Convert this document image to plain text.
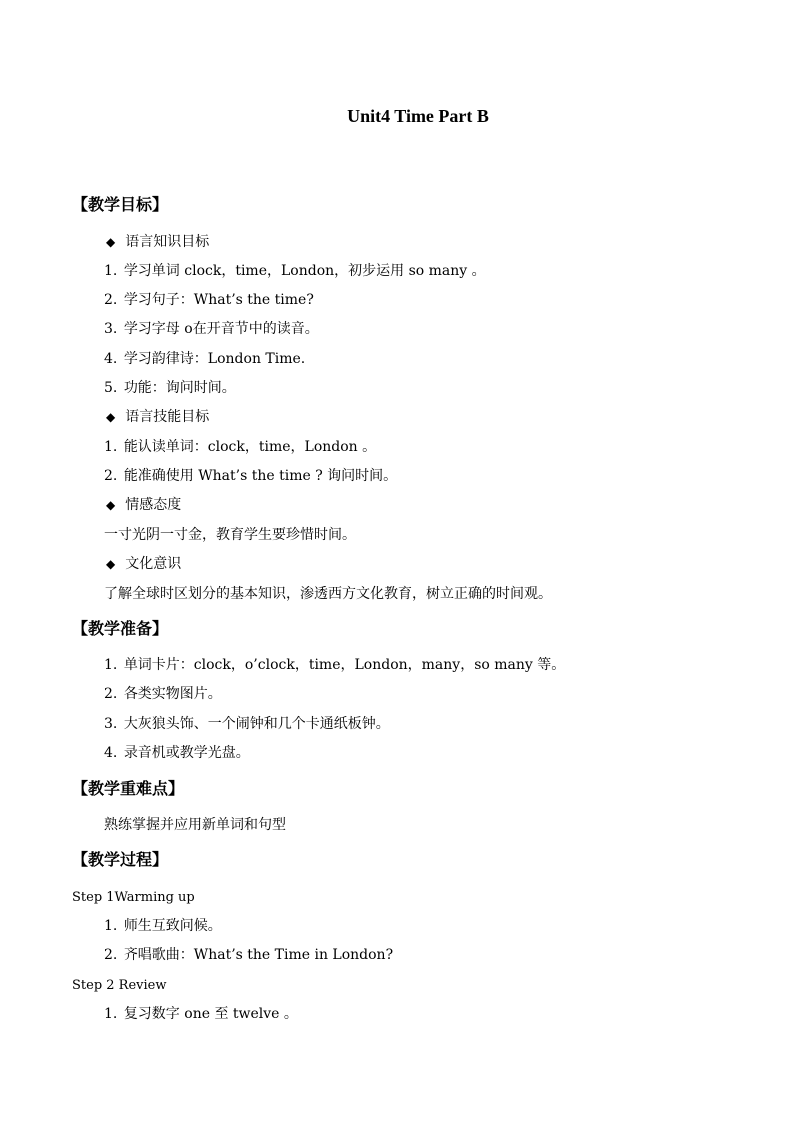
Unit4 Time Part B
【教学目标】
◆ 语言知识目标
1. 学习单词 clock，time，London，初步运用 so many 。
2. 学习句子：What’s the time?
3. 学习字母 o在开音节中的读音。
4. 学习韵律诗：London Time.
5. 功能：询问时间。
◆ 语言技能目标
1. 能认读单词：clock，time，London 。
2. 能准确使用 What’s the time ? 询问时间。
◆ 情感态度
一寸光阴一寸金，教育学生要珍惜时间。
◆ 文化意识
了解全球时区划分的基本知识，渗透西方文化教育，树立正确的时间观。
【教学准备】
1. 单词卡片：clock，o’clock，time，London，many，so many 等。
2. 各类实物图片。
3. 大灰狼头饰、一个闹钟和几个卡通纸板钟。
4. 录音机或教学光盘。
【教学重难点】
熟练掌握并应用新单词和句型
【教学过程】
Step 1Warming up
1. 师生互致问候。
2. 齐唱歌曲：What’s the Time in London?
Step 2 Review
1. 复习数字 one 至 twelve 。
